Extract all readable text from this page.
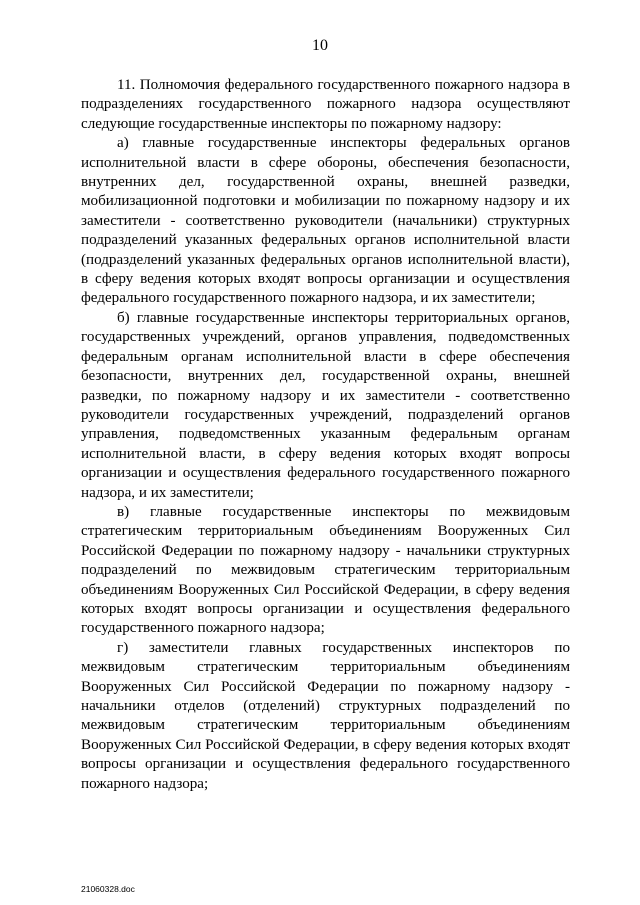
10

11. Полномочия федерального государственного пожарного надзора в подразделениях государственного пожарного надзора осуществляют следующие государственные инспекторы по пожарному надзору:

а) главные государственные инспекторы федеральных органов исполнительной власти в сфере обороны, обеспечения безопасности, внутренних дел, государственной охраны, внешней разведки, мобилизационной подготовки и мобилизации по пожарному надзору и их заместители - соответственно руководители (начальники) структурных подразделений указанных федеральных органов исполнительной власти (подразделений указанных федеральных органов исполнительной власти), в сферу ведения которых входят вопросы организации и осуществления федерального государственного пожарного надзора, и их заместители;

б) главные государственные инспекторы территориальных органов, государственных учреждений, органов управления, подведомственных федеральным органам исполнительной власти в сфере обеспечения безопасности, внутренних дел, государственной охраны, внешней разведки, по пожарному надзору и их заместители - соответственно руководители государственных учреждений, подразделений органов управления, подведомственных указанным федеральным органам исполнительной власти, в сферу ведения которых входят вопросы организации и осуществления федерального государственного пожарного надзора, и их заместители;

в) главные государственные инспекторы по межвидовым стратегическим территориальным объединениям Вооруженных Сил Российской Федерации по пожарному надзору - начальники структурных подразделений по межвидовым стратегическим территориальным объединениям Вооруженных Сил Российской Федерации, в сферу ведения которых входят вопросы организации и осуществления федерального государственного пожарного надзора;

г) заместители главных государственных инспекторов по межвидовым стратегическим территориальным объединениям Вооруженных Сил Российской Федерации по пожарному надзору - начальники отделов (отделений) структурных подразделений по межвидовым стратегическим территориальным объединениям Вооруженных Сил Российской Федерации, в сферу ведения которых входят вопросы организации и осуществления федерального государственного пожарного надзора;

21060328.doc
